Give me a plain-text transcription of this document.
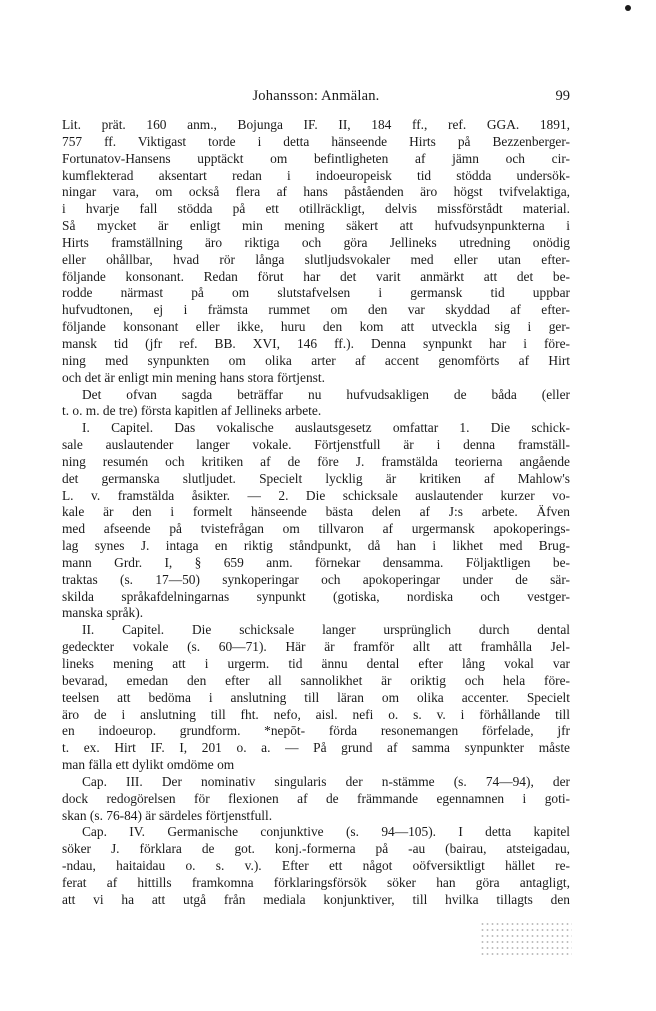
Johansson: Anmälan.	99
Lit. prät. 160 anm., Bojunga IF. II, 184 ff., ref. GGA. 1891,
757 ff. Viktigast torde i detta hänseende Hirts på Bezzenberger-
Fortunatov-Hansens upptäckt om befintligheten af jämn och cir-
kumflekterad aksentart redan i indoeuropeisk tid stödda undersök-
ningar vara, om också flera af hans påståenden äro högst tvifvelaktiga,
i hvarje fall stödda på ett otillräckligt, delvis missförstådt material.
Så mycket är enligt min mening säkert att hufvudsynpunkterna i
Hirts framställning äro riktiga och göra Jellineks utredning onödig
eller ohållbar, hvad rör långa slutljudsvokaler med eller utan efter-
följande konsonant. Redan förut har det varit anmärkt att det be-
rodde närmast på om slutstafvelsen i germansk tid uppbar
hufvudtonen, ej i främsta rummet om den var skyddad af efter-
följande konsonant eller ikke, huru den kom att utveckla sig i ger-
mansk tid (jfr ref. BB. XVI, 146 ff.). Denna synpunkt har i före-
ning med synpunkten om olika arter af accent genomförts af Hirt
och det är enligt min mening hans stora förtjenst.
Det ofvan sagda beträffar nu hufvudsakligen de båda (eller
t. o. m. de tre) första kapitlen af Jellineks arbete.
I. Capitel. Das vokalische auslautsgesetz omfattar 1. Die schick-
sale auslautender langer vokale. Förtjenstfull är i denna framställ-
ning resumén och kritiken af de före J. framstälda teorierna angående
det germanska slutljudet. Specielt lycklig är kritiken af Mahlow's
L. v. framstälda åsikter. — 2. Die schicksale auslautender kurzer vo-
kale är den i formelt hänseende bästa delen af J:s arbete. Äfven
med afseende på tvistefrågan om tillvaron af urgermansk apokoperings-
lag synes J. intaga en riktig ståndpunkt, då han i likhet med Brug-
mann Grdr. I, § 659 anm. förnekar densamma. Följaktligen be-
traktas (s. 17—50) synkoperingar och apokoperingar under de sär-
skilda språkafdelningarnas synpunkt (gotiska, nordiska och vestger-
manska språk).
II. Capitel. Die schicksale langer ursprünglich durch dental
gedeckter vokale (s. 60—71). Här är framför allt att framhålla Jel-
lineks mening att i urgerm. tid ännu dental efter lång vokal var
bevarad, emedan den efter all sannolikhet är oriktig och hela före-
teelsen att bedöma i anslutning till läran om olika accenter. Specielt
äro de i anslutning till fht. nefo, aisl. nefi o. s. v. i förhållande till
en indoeurop. grundform. *nepōt- förda resonemangen förfelade, jfr
t. ex. Hirt IF. I, 201 o. a. — På grund af samma synpunkter måste
man fälla ett dylikt omdöme om
Cap. III. Der nominativ singularis der n-stämme (s. 74—94), der
dock redogörelsen för flexionen af de främmande egennamnen i goti-
skan (s. 76-84) är särdeles förtjenstfull.
Cap. IV. Germanische conjunktive (s. 94—105). I detta kapitel
söker J. förklara de got. konj.-formerna på -au (bairau, atsteigadau,
-ndau, haitaidau o. s. v.). Efter ett något oöfversiktligt hället re-
ferat af hittills framkomna förklaringsförsök söker han göra antagligt,
att vi ha att utgå från mediala konjunktiver, till hvilka tillagts den
